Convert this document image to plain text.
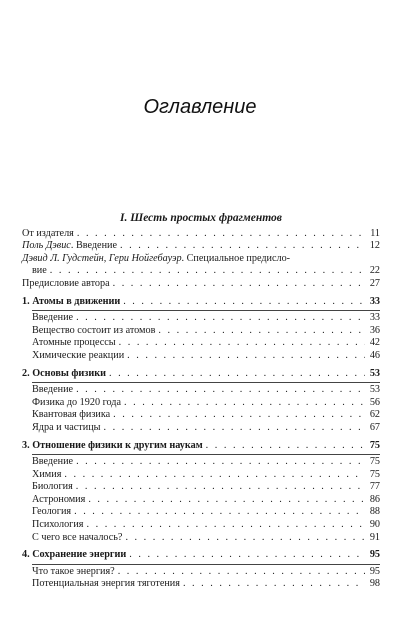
Оглавление
I. Шесть простых фрагментов
От издателя . . .	11
Поль Дэвис. Введение . . .	12
Дэвид Л. Гудстейн, Гери Нойгебауэр. Специальное предисло-
вие . . .	22
Предисловие автора . . .	27
1. Атомы в движении . . .	33
Введение . . .	33
Вещество состоит из атомов . . .	36
Атомные процессы . . .	42
Химические реакции . . .	46
2. Основы физики . . .	53
Введение . . .	53
Физика до 1920 года . . .	56
Квантовая физика . . .	62
Ядра и частицы . . .	67
3. Отношение физики к другим наукам . . .	75
Введение . . .	75
Химия . . .	75
Биология . . .	77
Астрономия . . .	86
Геология . . .	88
Психология . . .	90
С чего все началось? . . .	91
4. Сохранение энергии . . .	95
Что такое энергия? . . .	95
Потенциальная энергия тяготения . . .	98
